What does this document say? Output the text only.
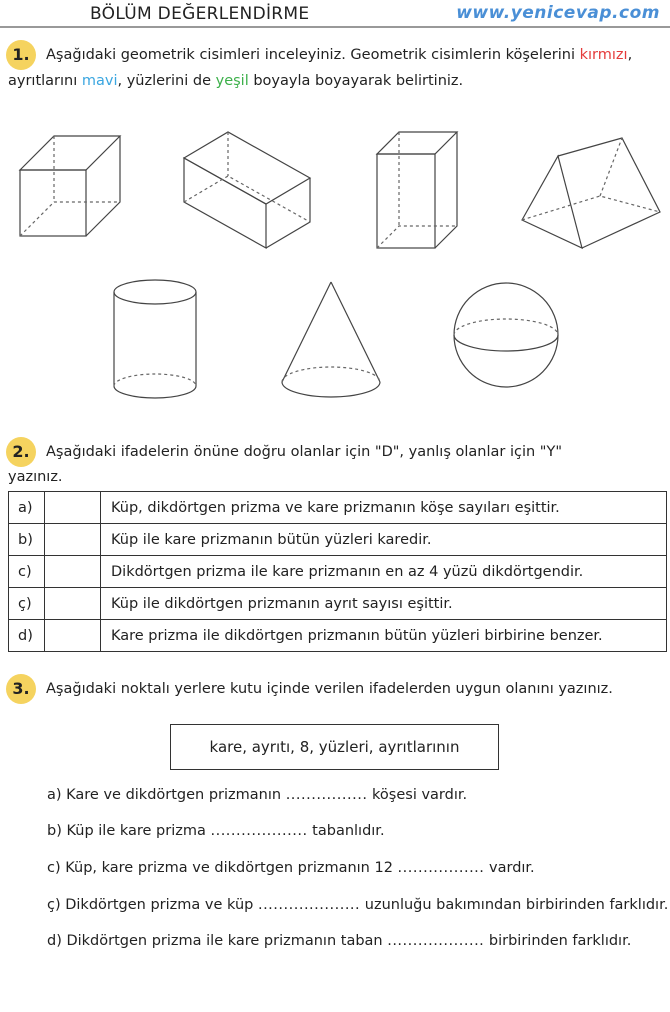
BÖLÜM DEĞERLENDİRME	www.yenicevap.com
1.	Aşağıdaki geometrik cisimleri inceleyiniz. Geometrik cisimlerin köşelerini kırmızı,
ayrıtlarını mavi, yüzlerini de yeşil boyayla boyayarak belirtiniz.
2.	Aşağıdaki ifadelerin önüne doğru olanlar için "D", yanlış olanlar için "Y"
yazınız.
a)		Küp, dikdörtgen prizma ve kare prizmanın köşe sayıları eşittir.
b)		Küp ile kare prizmanın bütün yüzleri karedir.
c)		Dikdörtgen prizma ile kare prizmanın en az 4 yüzü dikdörtgendir.
ç)		Küp ile dikdörtgen prizmanın ayrıt sayısı eşittir.
d)		Kare prizma ile dikdörtgen prizmanın bütün yüzleri birbirine benzer.
3.	Aşağıdaki noktalı yerlere kutu içinde verilen ifadelerden uygun olanını yazınız.
kare, ayrıtı, 8, yüzleri, ayrıtlarının
a) Kare ve dikdörtgen prizmanın ................ köşesi vardır.
b) Küp ile kare prizma ................... tabanlıdır.
c) Küp, kare prizma ve dikdörtgen prizmanın 12 ................. vardır.
ç) Dikdörtgen prizma ve küp .................... uzunluğu bakımından birbirinden farklıdır.
d) Dikdörtgen prizma ile kare prizmanın taban ................... birbirinden farklıdır.
